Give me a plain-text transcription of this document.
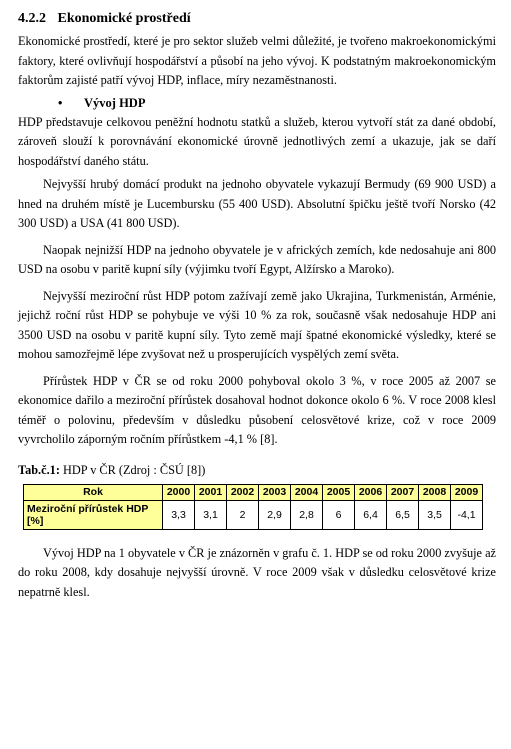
4.2.2 Ekonomické prostředí

Ekonomické prostředí, které je pro sektor služeb velmi důležité, je tvořeno makroekonomickými faktory, které ovlivňují hospodářství a působí na jeho vývoj. K podstatným makroekonomickým faktorům zajisté patří vývoj HDP, inflace, míry nezaměstnanosti.

• Vývoj HDP

HDP představuje celkovou peněžní hodnotu statků a služeb, kterou vytvoří stát za dané období, zároveň slouží k porovnávání ekonomické úrovně jednotlivých zemí a ukazuje, jak se daří hospodářství daného státu.

Nejvyšší hrubý domácí produkt na jednoho obyvatele vykazují Bermudy (69 900 USD) a hned na druhém místě je Lucembursku (55 400 USD). Absolutní špičku ještě tvoří Norsko (42 300 USD) a USA (41 800 USD).

Naopak nejnižší HDP na jednoho obyvatele je v afrických zemích, kde nedosahuje ani 800 USD na osobu v paritě kupní síly (výjimku tvoří Egypt, Alžírsko a Maroko).

Nejvyšší meziroční růst HDP potom zažívají země jako Ukrajina, Turkmenistán, Arménie, jejichž roční růst HDP se pohybuje ve výši 10 % za rok, současně však nedosahuje HDP ani 3500 USD na osobu v paritě kupní síly. Tyto země mají špatné ekonomické výsledky, které se mohou samozřejmě lépe zvyšovat než u prosperujících vyspělých zemí světa.

Přírůstek HDP v ČR se od roku 2000 pohyboval okolo 3 %, v roce 2005 až 2007 se ekonomice dařilo a meziroční přírůstek dosahoval hodnot dokonce okolo 6 %. V roce 2008 klesl téměř o polovinu, především v důsledku působení celosvětové krize, což v roce 2009 vyvrcholilo záporným ročním přírůstkem -4,1 % [8].

Tab.č.1: HDP v ČR (Zdroj : ČSÚ [8])
Rok	2000	2001	2002	2003	2004	2005	2006	2007	2008	2009
Meziroční přírůstek HDP [%]	3,3	3,1	2	2,9	2,8	6	6,4	6,5	3,5	-4,1

Vývoj HDP na 1 obyvatele v ČR je znázorněn v grafu č. 1. HDP se od roku 2000 zvyšuje až do roku 2008, kdy dosahuje nejvyšší úrovně. V roce 2009 však v důsledku celosvětové krize nepatrně klesl.
